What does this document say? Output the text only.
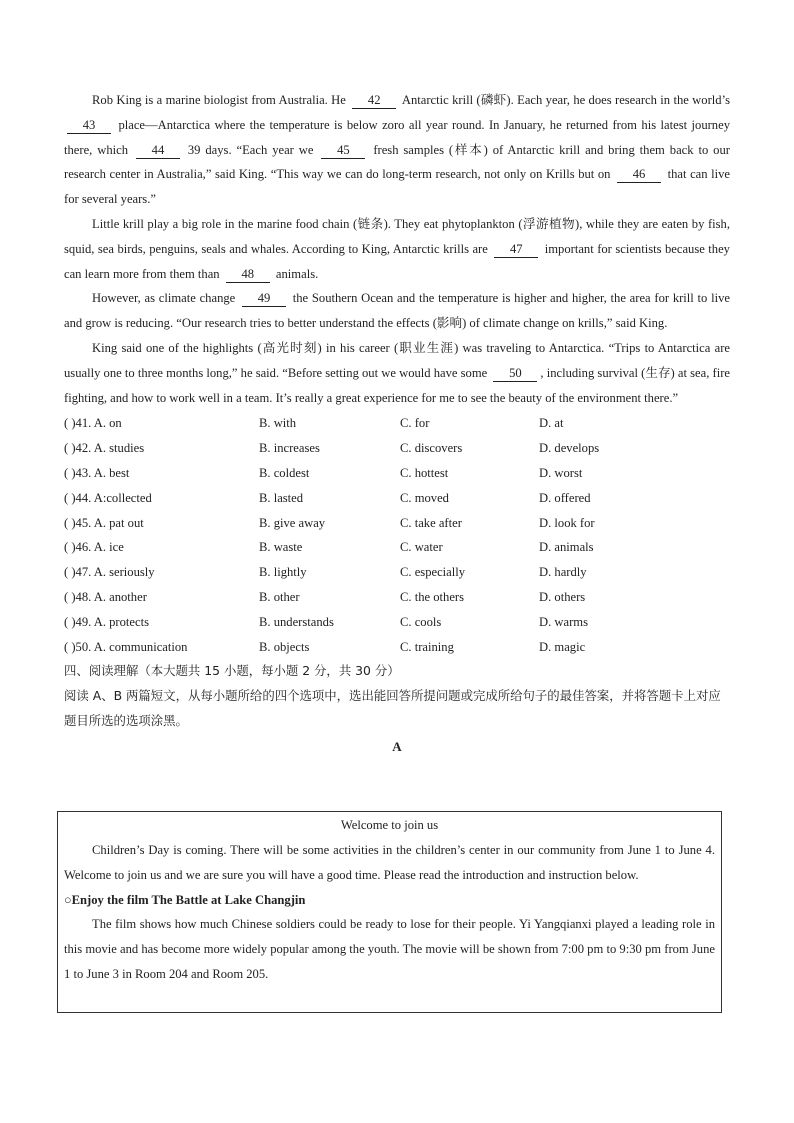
Rob King is a marine biologist from Australia. He 42 Antarctic krill (磷虾). Each year, he does research in the world’s 43 place—Antarctica where the temperature is below zoro all year round. In January, he returned from his latest journey there, which 44 39 days. “Each year we 45 fresh samples (样本) of Antarctic krill and bring them back to our research center in Australia,” said King. “This way we can do long-term research, not only on Krills but on 46 that can live for several years.”

Little krill play a big role in the marine food chain (链条). They eat phytoplankton (浮游植物), while they are eaten by fish, squid, sea birds, penguins, seals and whales. According to King, Antarctic krills are 47 important for scientists because they can learn more from them than 48 animals.

However, as climate change 49 the Southern Ocean and the temperature is higher and higher, the area for krill to live and grow is reducing. “Our research tries to better understand the effects (影响) of climate change on krills,” said King.

King said one of the highlights (高光时刻) in his career (职业生涯) was traveling to Antarctica. “Trips to Antarctica are usually one to three months long,” he said. “Before setting out we would have some 50 , including survival (生存) at sea, fire fighting, and how to work well in a team. It’s really a great experience for me to see the beauty of the environment there.”

( )41. A. on	B. with	C. for	D. at
( )42. A. studies	B. increases	C. discovers	D. develops
( )43. A. best	B. coldest	C. hottest	D. worst
( )44. A:collected	B. lasted	C. moved	D. offered
( )45. A. pat out	B. give away	C. take after	D. look for
( )46. A. ice	B. waste	C. water	D. animals
( )47. A. seriously	B. lightly	C. especially	D. hardly
( )48. A. another	B. other	C. the others	D. others
( )49. A. protects	B. understands	C. cools	D. warms
( )50. A. communication	B. objects	C. training	D. magic

四、阅读理解（本大题共 15 小题，每小题 2 分，共 30 分）

阅读 A、B 两篇短文，从每小题所给的四个选项中，选出能回答所提问题或完成所给句子的最佳答案，并将答题卡上对应题目所选的选项涂黑。

A
Welcome to join us

Children’s Day is coming. There will be some activities in the children’s center in our community from June 1 to June 4. Welcome to join us and we are sure you will have a good time. Please read the introduction and instruction below.

○Enjoy the film The Battle at Lake Changjin

The film shows how much Chinese soldiers could be ready to lose for their people. Yi Yangqianxi played a leading role in this movie and has become more widely popular among the youth. The movie will be shown from 7:00 pm to 9:30 pm from June 1 to June 3 in Room 204 and Room 205.
